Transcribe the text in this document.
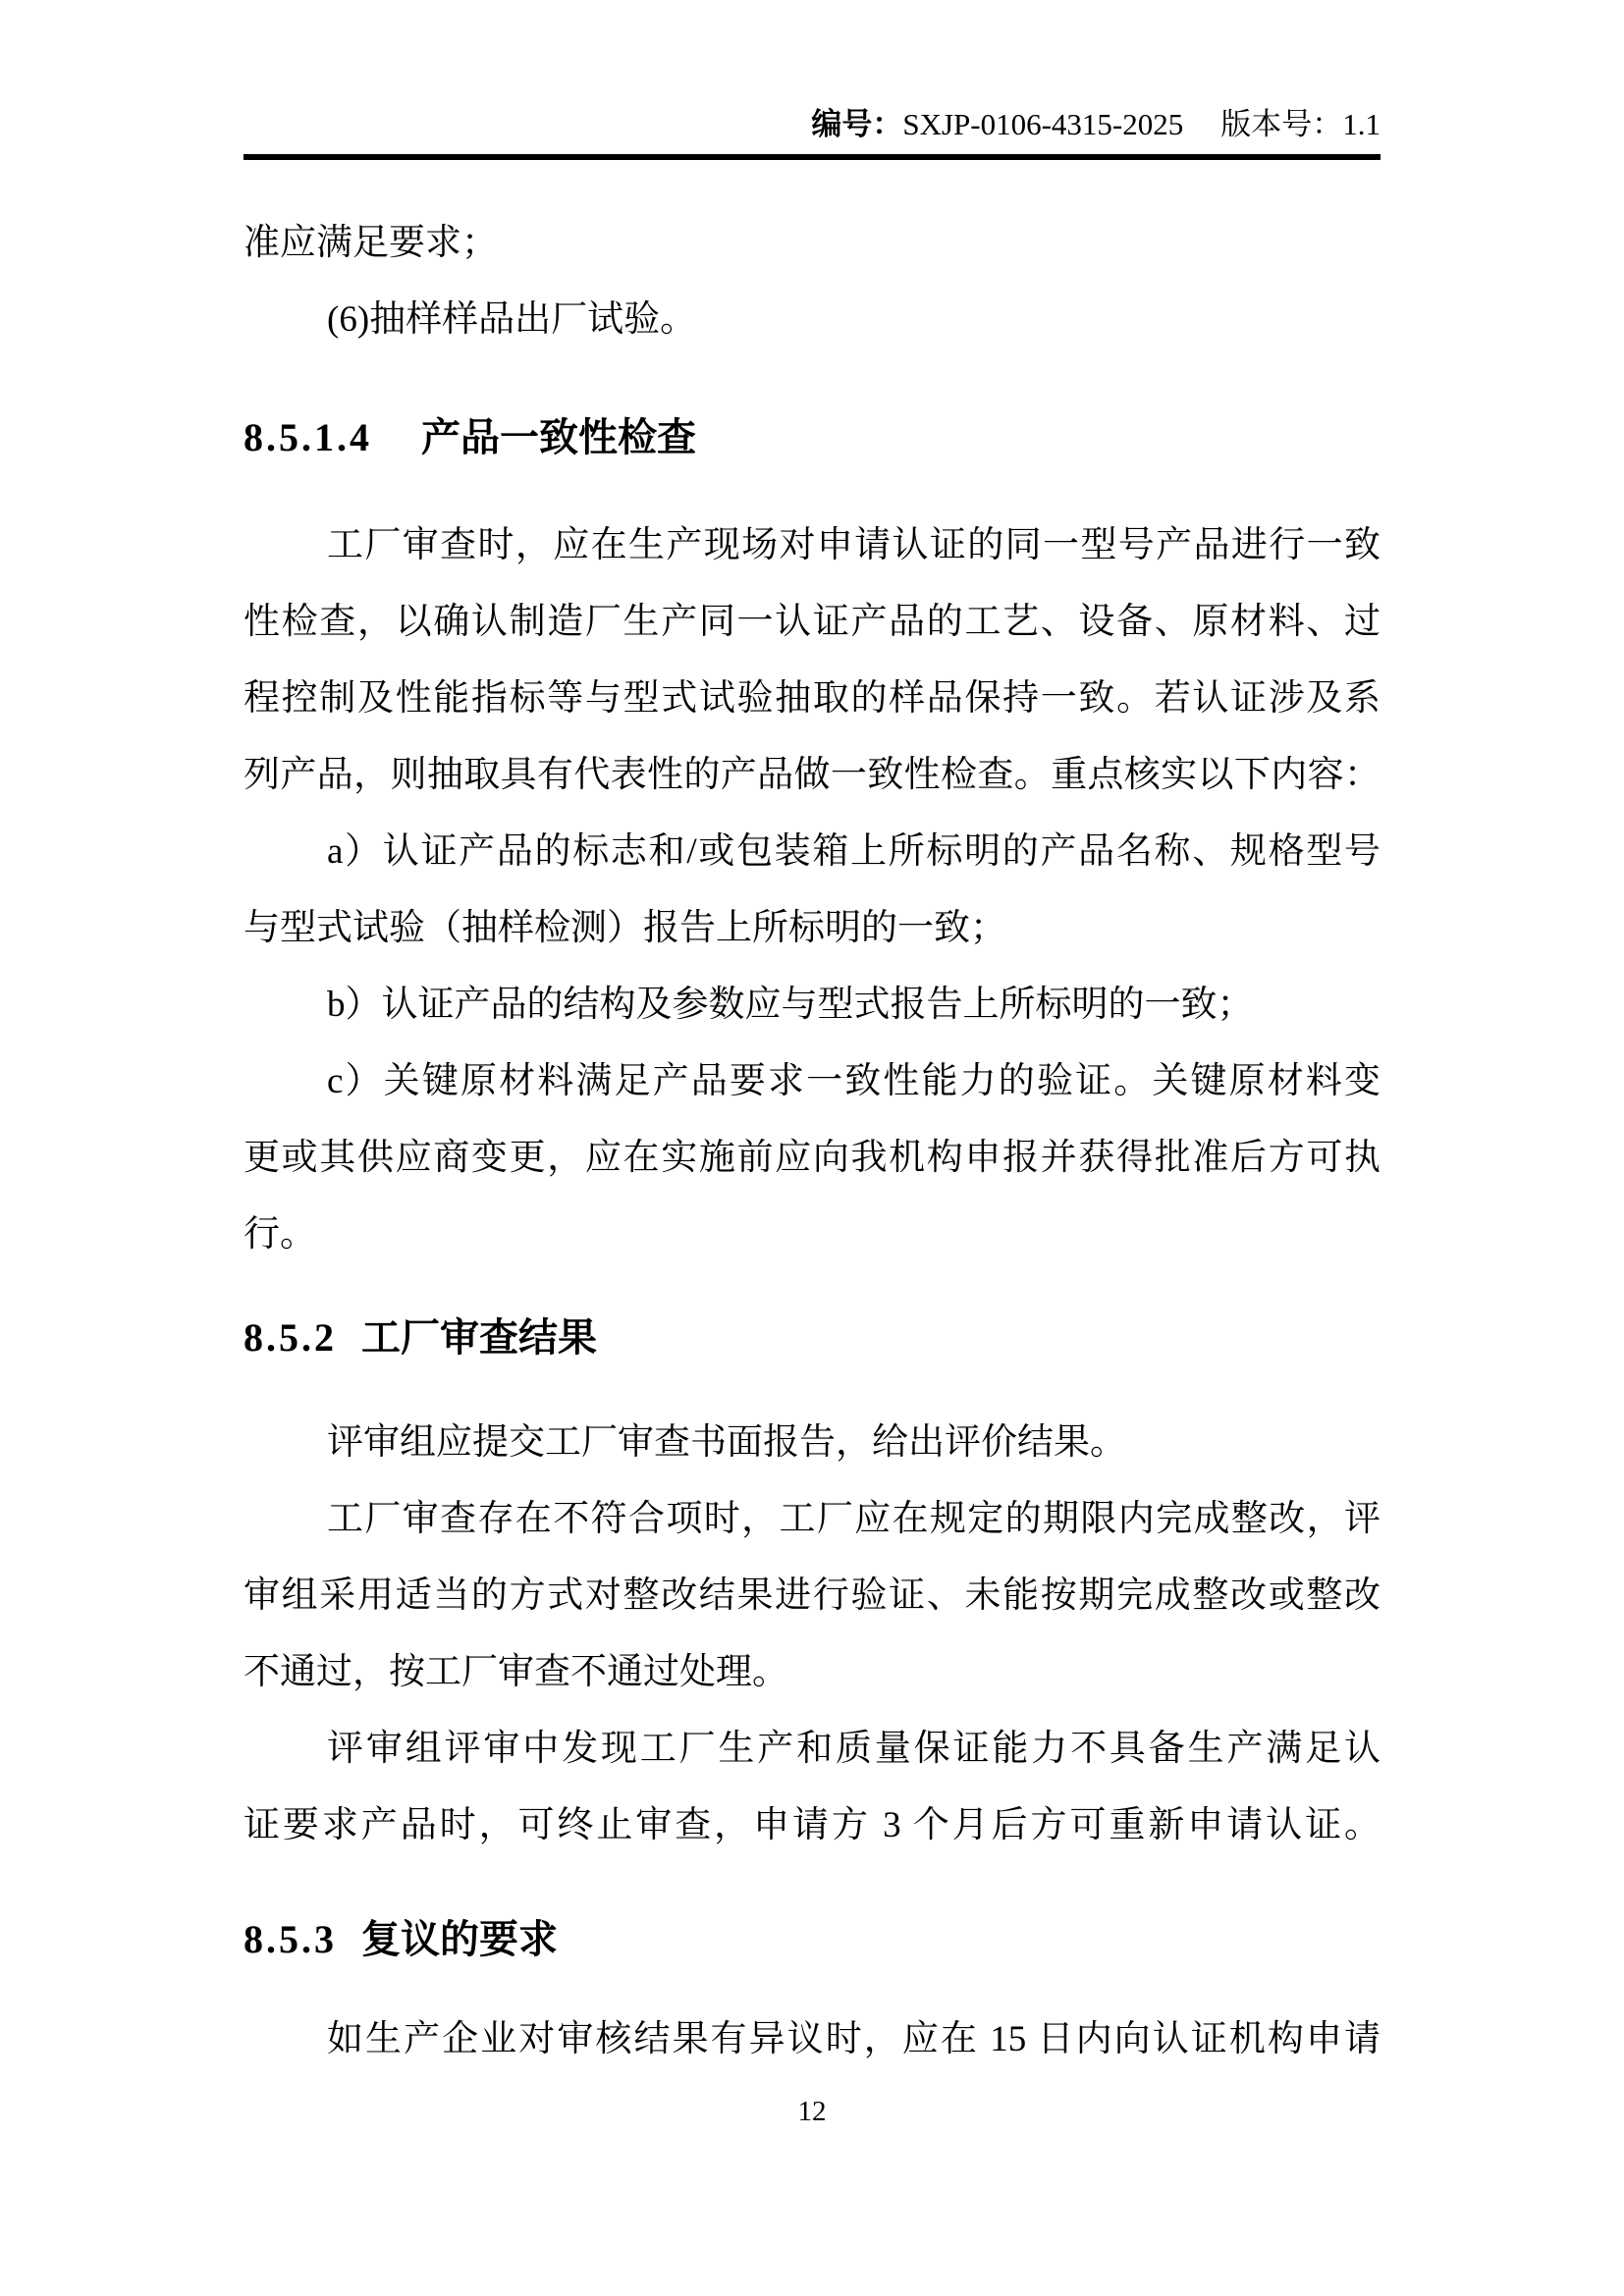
编号：SXJP-0106-4315-2025 版本号：1.1
准应满足要求；
(6)抽样样品出厂试验。
8.5.1.4 产品一致性检查
工厂审查时，应在生产现场对申请认证的同一型号产品进行一致
性检查，以确认制造厂生产同一认证产品的工艺、设备、原材料、过
程控制及性能指标等与型式试验抽取的样品保持一致。若认证涉及系
列产品，则抽取具有代表性的产品做一致性检查。重点核实以下内容：
a）认证产品的标志和/或包装箱上所标明的产品名称、规格型号
与型式试验（抽样检测）报告上所标明的一致；
b）认证产品的结构及参数应与型式报告上所标明的一致；
c）关键原材料满足产品要求一致性能力的验证。关键原材料变
更或其供应商变更，应在实施前应向我机构申报并获得批准后方可执
行。
8.5.2 工厂审查结果
评审组应提交工厂审查书面报告，给出评价结果。
工厂审查存在不符合项时，工厂应在规定的期限内完成整改，评
审组采用适当的方式对整改结果进行验证、未能按期完成整改或整改
不通过，按工厂审查不通过处理。
评审组评审中发现工厂生产和质量保证能力不具备生产满足认
证要求产品时，可终止审查，申请方 3 个月后方可重新申请认证。
8.5.3 复议的要求
如生产企业对审核结果有异议时，应在 15 日内向认证机构申请
12
